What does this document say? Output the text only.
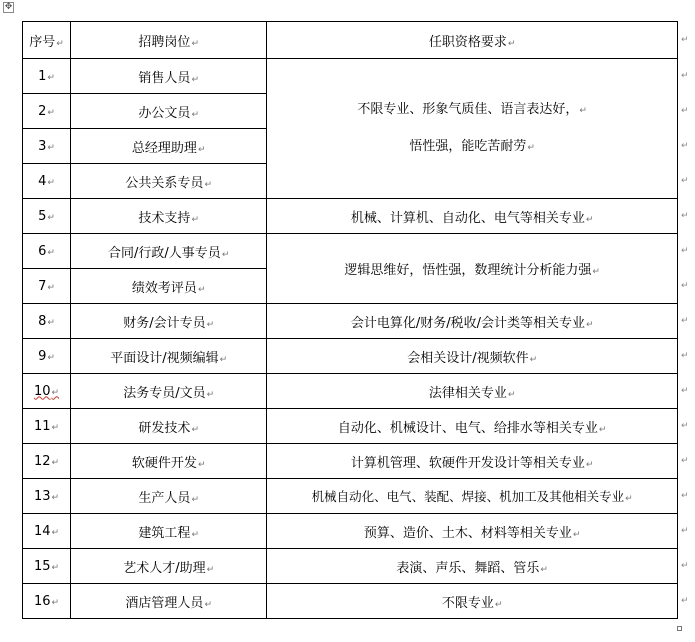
✥
序号 ↵	招聘岗位 ↵	任职资格要求 ↵
1 ↵	销售人员 ↵	不限专业、形象气质佳、语言表达好， ↵
悟性强，能吃苦耐劳 ↵

2 ↵	办公文员 ↵
3 ↵	总经理助理 ↵
4 ↵	公共关系专员 ↵
5 ↵	技术支持 ↵	机械、计算机、自动化、电气等相关专业 ↵
6 ↵	合同/行政/人事专员 ↵	逻辑思维好，悟性强，数理统计分析能力强 ↵
7 ↵	绩效考评员 ↵
8 ↵	财务/会计专员 ↵	会计电算化/财务/税收/会计类等相关专业 ↵
9 ↵	平面设计/视频编辑 ↵	会相关设计/视频软件 ↵
10 ↵	法务专员/文员 ↵	法律相关专业 ↵
11 ↵	研发技术 ↵	自动化、机械设计、电气、给排水等相关专业 ↵
12 ↵	软硬件开发 ↵	计算机管理、软硬件开发设计等相关专业 ↵
13 ↵	生产人员 ↵	机械自动化、电气、装配、焊接、机加工及其他相关专业 ↵
14 ↵	建筑工程 ↵	预算、造价、土木、材料等相关专业 ↵
15 ↵	艺术人才/助理 ↵	表演、声乐、舞蹈、管乐 ↵
16 ↵	酒店管理人员 ↵	不限专业 ↵
↵
↵
↵
↵
↵
↵
↵
↵
↵
↵
↵
↵
↵
↵
↵
↵
↵
